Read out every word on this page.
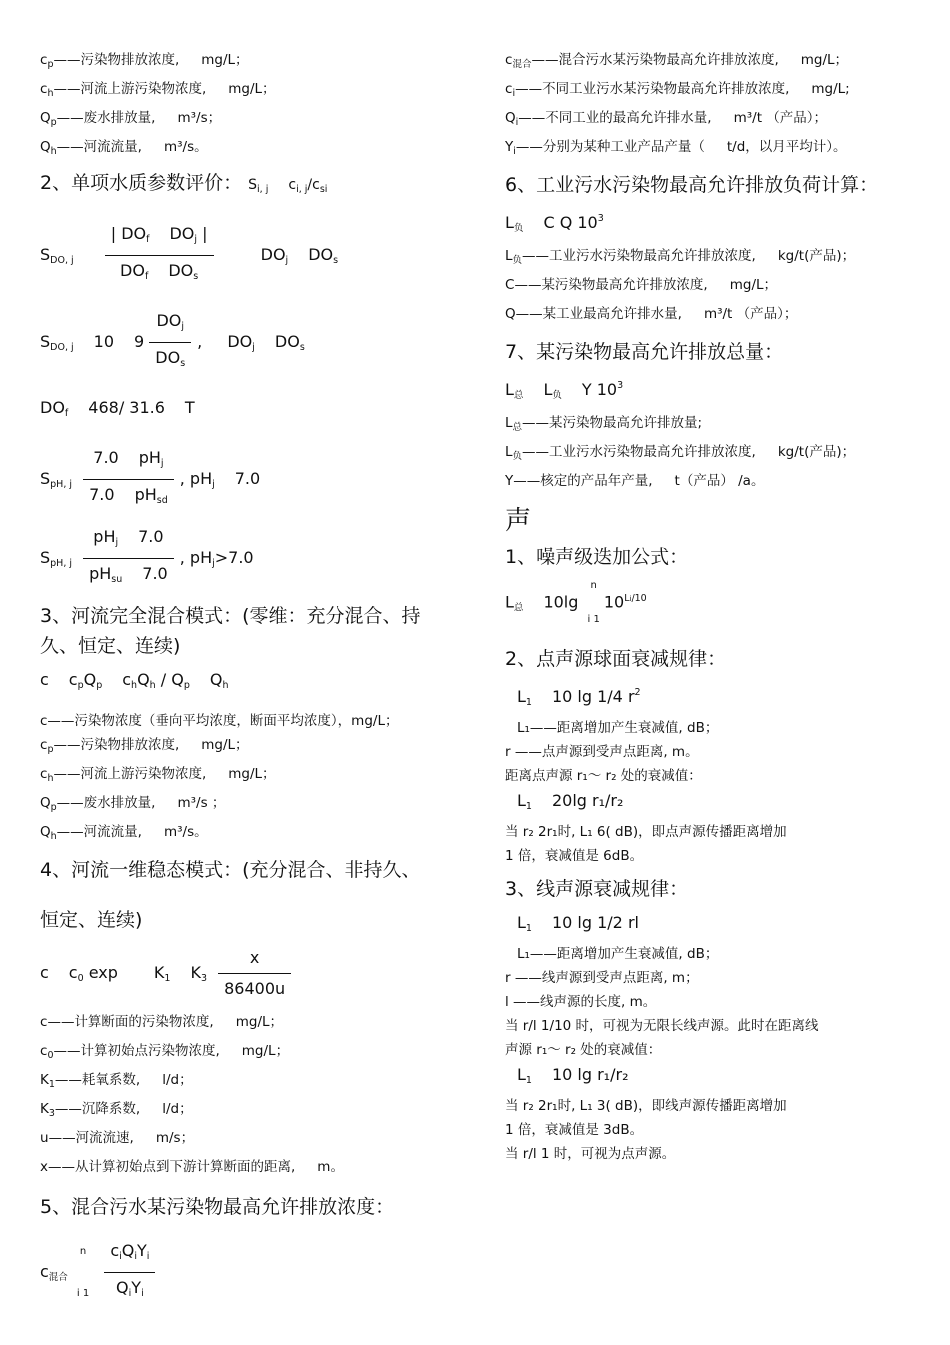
$c_p——$污染物排放浓度, mg/L；
$c_h——$河流上游污染物浓度, mg/L；
$Q_p——$废水排放量, m³/s；
$Q_h——$河流流量, m³/s。
2、单项水质参数评价： $S_{i, j}$ $c_{i, j}/c_{si}$
$S_{DO, j} \frac{| DO_f DO_j |}{DO_f DO_s}$	$DO_j$ $DO_s$
$S_{DO, j}$ 10 $9 \frac{DO_j}{DO_s}$ , $DO_j$ $DO_s$
$DO_f$ 468/ 31.6 T
$S_{pH, j} \frac{7.0 pH_j}{7.0 pH_{sd}}$ , $pH_j$ 7.0
$S_{pH, j} \frac{pH_j 7.0}{pH_{su} 7.0}$ , $pH_j>7.0$
3、河流完全混合模式：(零维：充分混合、持
久、恒定、连续)
c $c_pQ_p$ $c_hQ_h / Q_p$ $Q_h$
c——污染物浓度（垂向平均浓度，断面平均浓度），mg/L；
$c_p——$污染物排放浓度, mg/L；
$c_h——$河流上游污染物浓度, mg/L；
$Q_p——$废水排放量, m³/s ；
$Q_h——$河流流量, m³/s。
4、河流一维稳态模式：(充分混合、非持久、
恒定、连续)
c $c_0$ $\exp K_1$ $K_3 \frac{x}{86400u}$
c——计算断面的污染物浓度, mg/L；
$c_0——$计算初始点污染物浓度, mg/L；
$K_1——$耗氧系数, l/d；
$K_3——$沉降系数, l/d；
u——河流流速, m/s；
x——从计算初始点到下游计算断面的距离, m。
5、混合污水某污染物最高允许排放浓度：
$c_{混合}$
n
i 1
$\frac{c_iQ_iY_i}{Q_iY_i}$
$c_{混合}——$混合污水某污染物最高允许排放浓度, mg/L；
$c_i——$不同工业污水某污染物最高允许排放浓度, mg/L;
$Q_i——$不同工业的最高允许排水量, m³/t （产品）；
$Y_i——$分别为某种工业产品产量（ t/d，以月平均计）。
6、工业污水污染物最高允许排放负荷计算：
$L_负$ C Q $10^3$
$L_负——$工业污水污染物最高允许排放浓度, kg/t(产品)；
C——某污染物最高允许排放浓度, mg/L；
Q——某工业最高允许排水量, m³/t （产品）；
7、某污染物最高允许排放总量：
$L_总$ $L_负$ Y $10^3$
$L_总——$某污染物最高允许排放量;
$L_负——$工业污水污染物最高允许排放浓度, kg/t(产品)；
Y——核定的产品年产量, t（产品） /a。
声
1、噪声级迭加公式：
$L_总$ 10lg
n
i 1
$10^{Li/10}$
2、点声源球面衰减规律：
$L_1$ 10 lg 1/4 $r^2$
L₁——距离增加产生衰减值, dB；
r ——点声源到受声点距离, m。
距离点声源 r₁～ r₂ 处的衰减值：
$L_1$ 20lg r₁/r₂
当 r₂ 2r₁时, L₁ 6( dB)，即点声源传播距离增加
1 倍，衰减值是 6dB。
3、线声源衰减规律：
$L_1$ 10 lg 1/2 rl
L₁——距离增加产生衰减值, dB；
r ——线声源到受声点距离, m；
l ——线声源的长度, m。
当 r/l 1/10 时，可视为无限长线声源。此时在距离线
声源 r₁～ r₂ 处的衰减值：
$L_1$ 10 lg r₁/r₂
当 r₂ 2r₁时, L₁ 3( dB)，即线声源传播距离增加
1 倍，衰减值是 3dB。
当 r/l 1 时，可视为点声源。
